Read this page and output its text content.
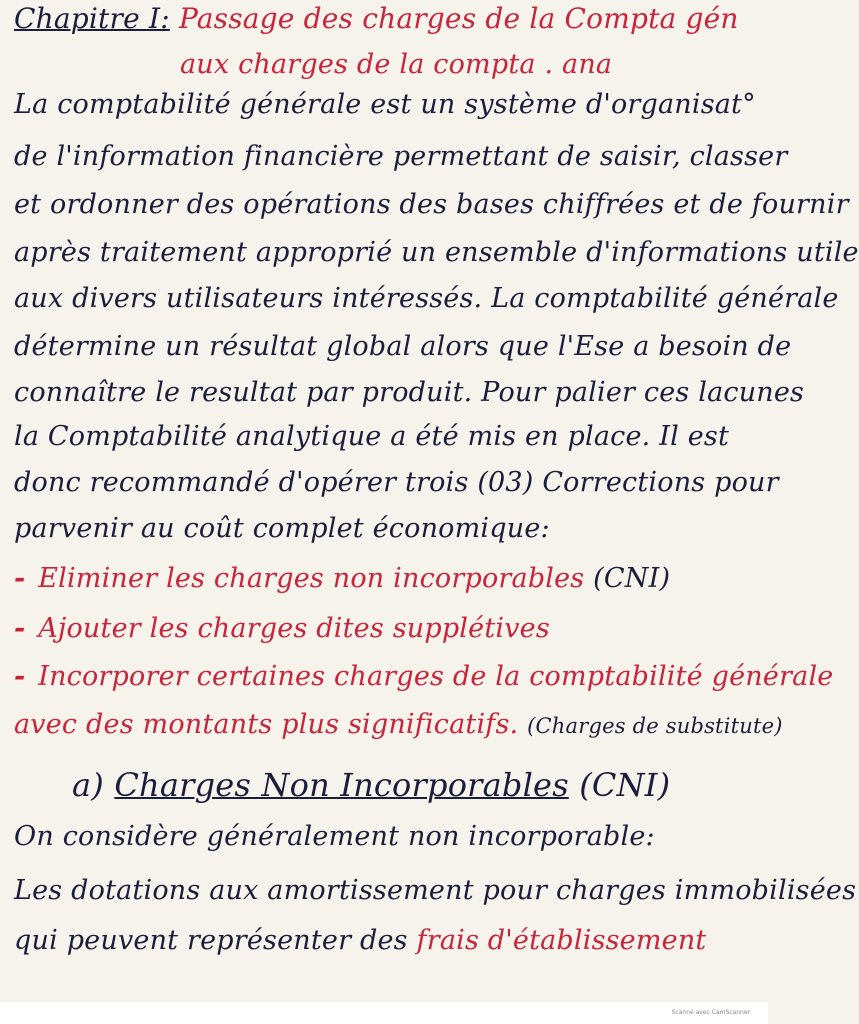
Chapitre I: Passage des charges de la Compta gén
aux charges de la compta . ana
La comptabilité générale est un système d'organisat°
de l'information financière permettant de saisir, classer
et ordonner des opérations des bases chiffrées et de fournir
après traitement approprié un ensemble d'informations utile
aux divers utilisateurs intéressés. La comptabilité générale
détermine un résultat global alors que l'Ese a besoin de
connaître le resultat par produit. Pour palier ces lacunes
la Comptabilité analytique a été mis en place. Il est
donc recommandé d'opérer trois (03) Corrections pour
parvenir au coût complet économique:
- Eliminer les charges non incorporables (CNI)
- Ajouter les charges dites supplétives
- Incorporer certaines charges de la comptabilité générale
avec des montants plus significatifs. (Charges de substitute)
a) Charges Non Incorporables (CNI)
On considère généralement non incorporable:
Les dotations aux amortissement pour charges immobilisées
qui peuvent représenter des frais d'établissement
Scanné avec CamScanner
